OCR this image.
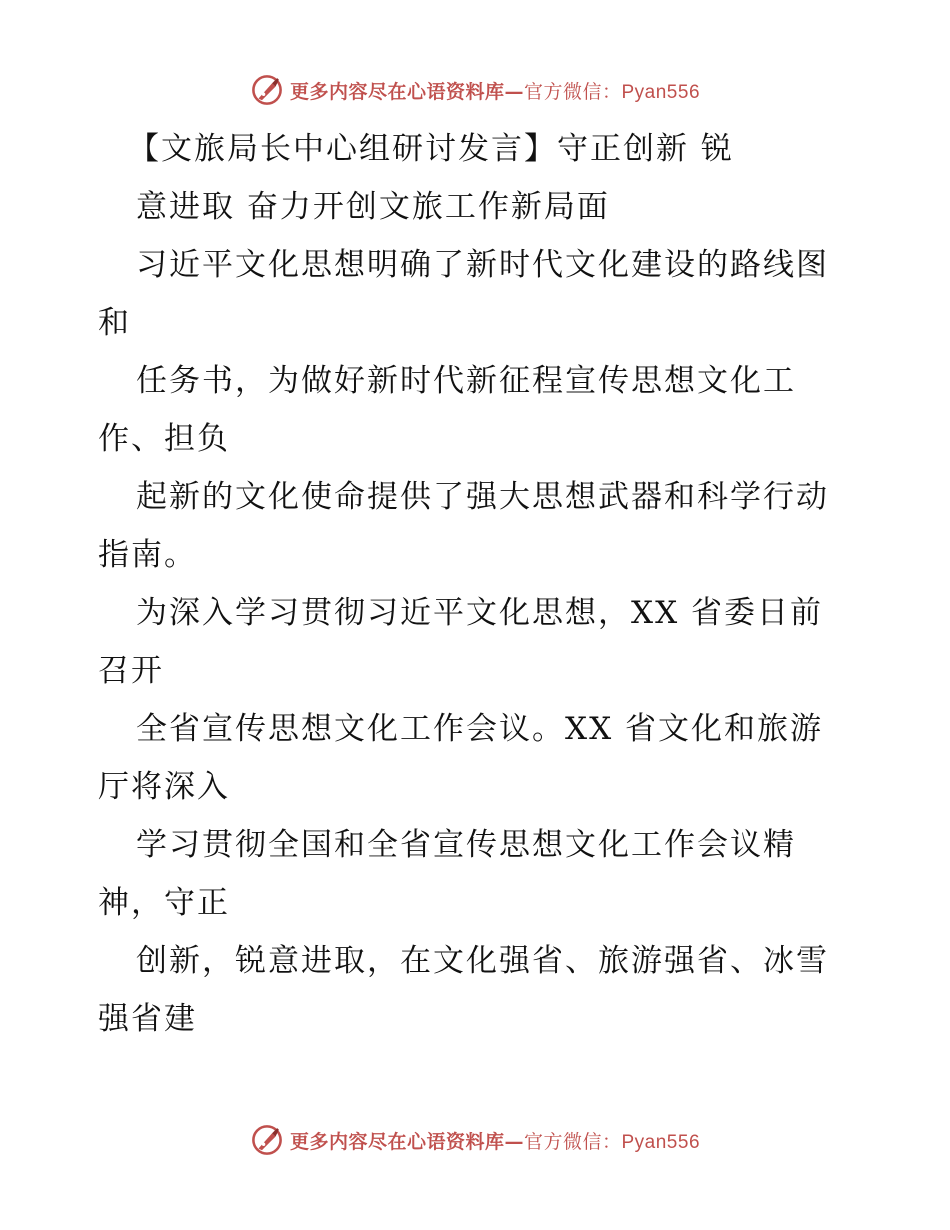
更多内容尽在心语资料库—官方微信：Pyan556
【文旅局长中心组研讨发言】守正创新 锐
意进取 奋力开创文旅工作新局面
习近平文化思想明确了新时代文化建设的路线图
和
任务书，为做好新时代新征程宣传思想文化工
作、担负
起新的文化使命提供了强大思想武器和科学行动
指南。
为深入学习贯彻习近平文化思想，XX 省委日前
召开
全省宣传思想文化工作会议。XX 省文化和旅游
厅将深入
学习贯彻全国和全省宣传思想文化工作会议精
神，守正
创新，锐意进取，在文化强省、旅游强省、冰雪
强省建
更多内容尽在心语资料库—官方微信：Pyan556
